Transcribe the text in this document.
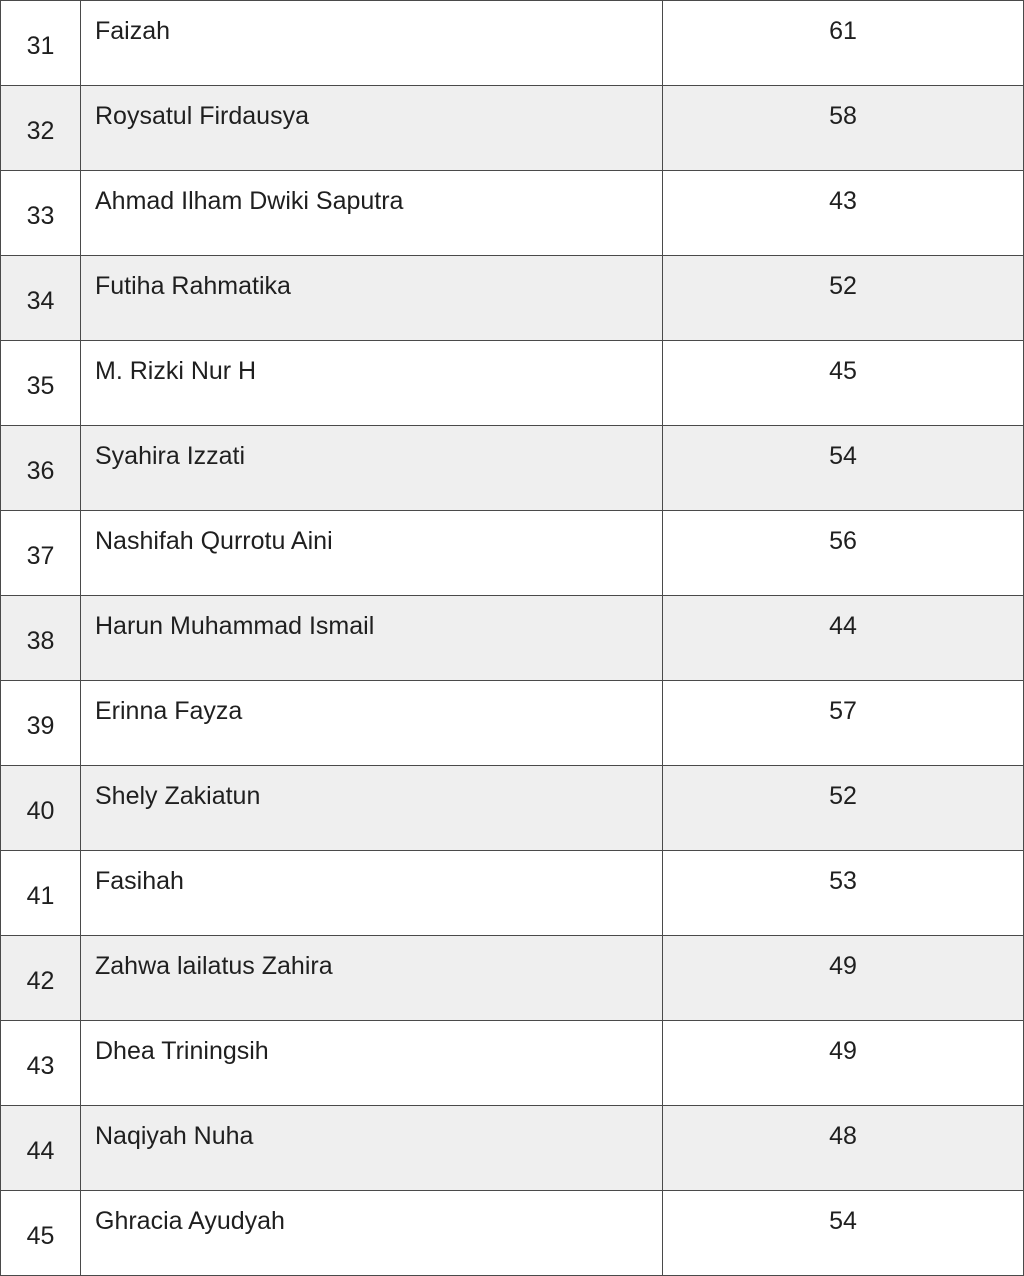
31	Faizah	61
32	Roysatul Firdausya	58
33	Ahmad Ilham Dwiki Saputra	43
34	Futiha Rahmatika	52
35	M. Rizki Nur H	45
36	Syahira Izzati	54
37	Nashifah Qurrotu Aini	56
38	Harun Muhammad Ismail	44
39	Erinna Fayza	57
40	Shely Zakiatun	52
41	Fasihah	53
42	Zahwa lailatus Zahira	49
43	Dhea Triningsih	49
44	Naqiyah Nuha	48
45	Ghracia Ayudyah	54
